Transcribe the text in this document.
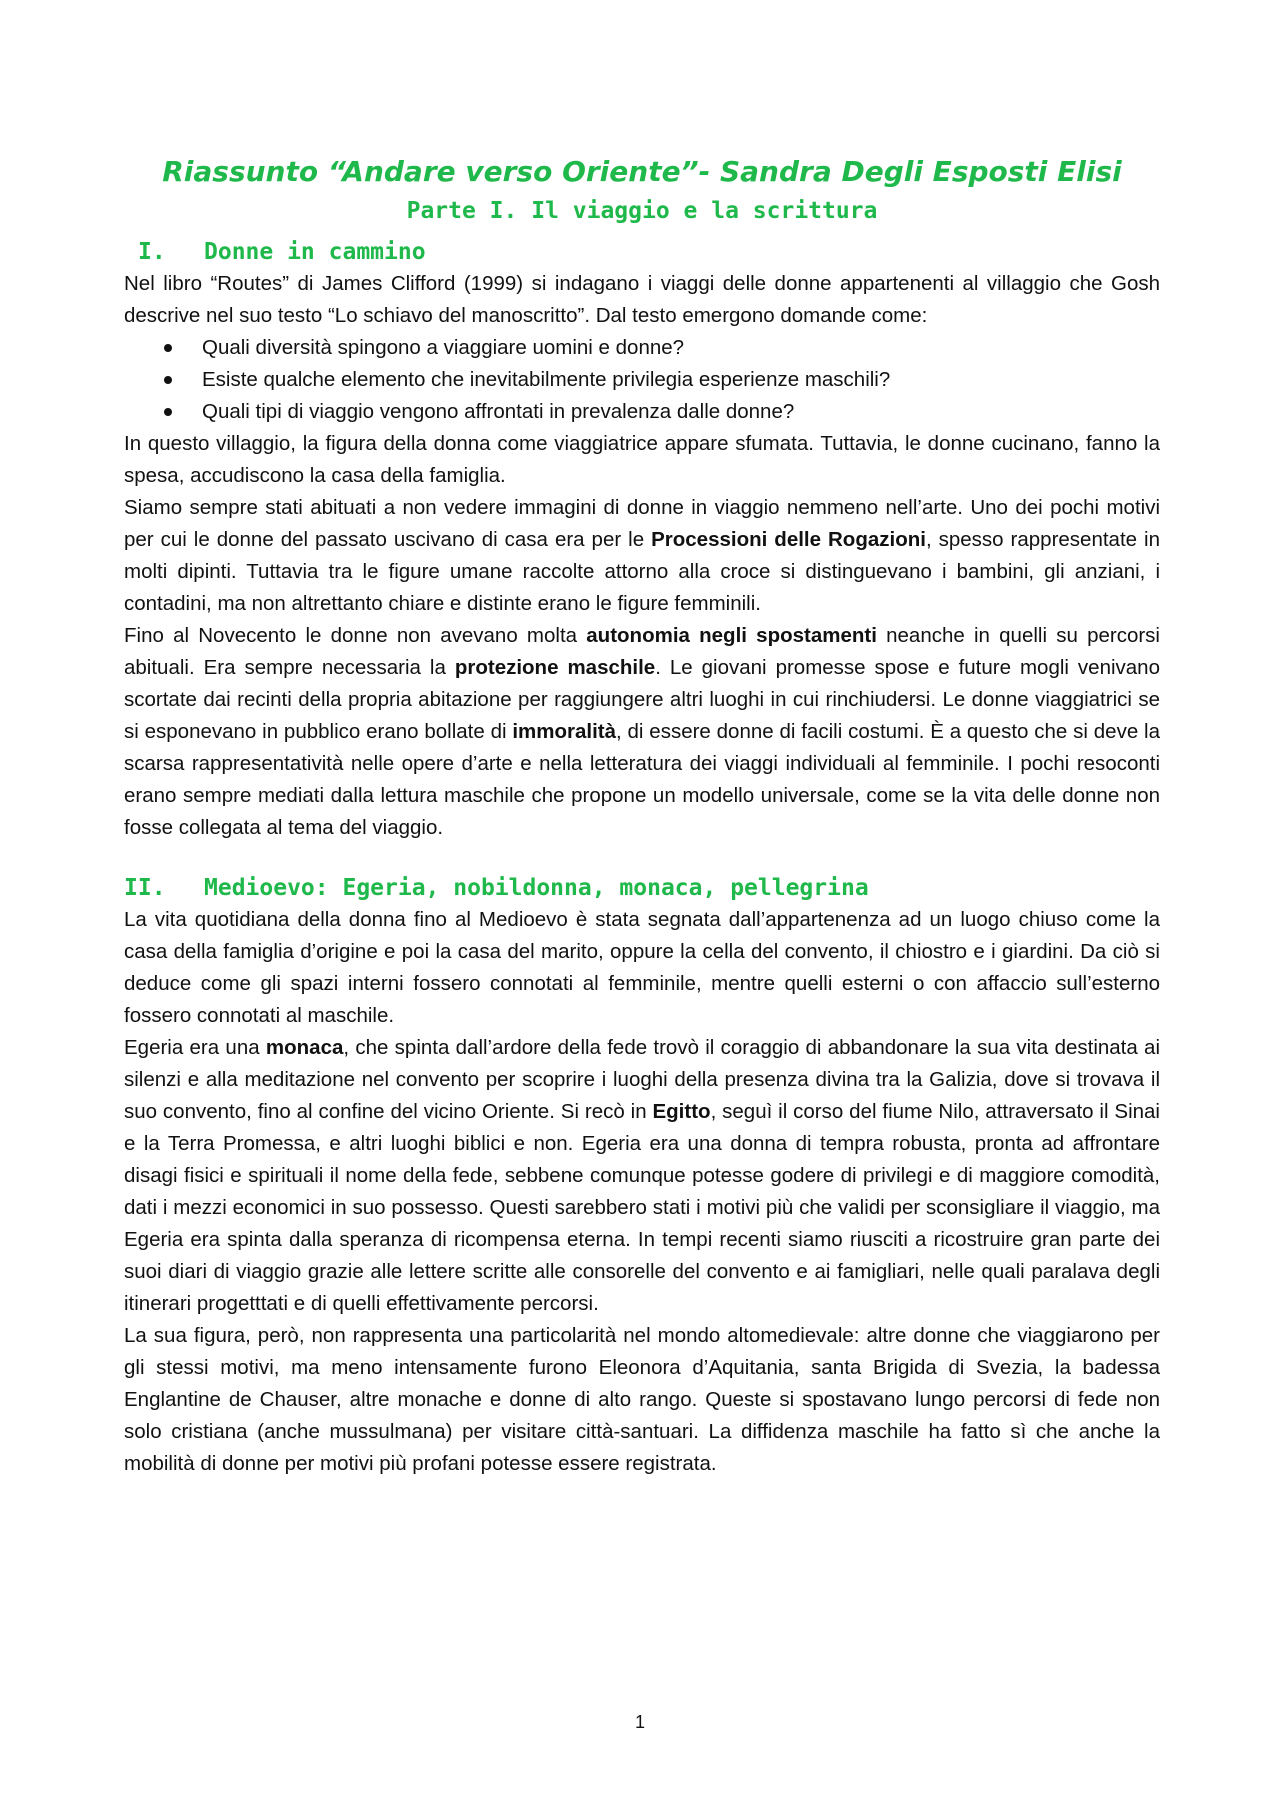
Riassunto “Andare verso Oriente”- Sandra Degli Esposti Elisi
Parte I. Il viaggio e la scrittura
I.	Donne in cammino

Nel libro “Routes” di James Clifford (1999) si indagano i viaggi delle donne appartenenti al villaggio che Gosh descrive nel suo testo “Lo schiavo del manoscritto”. Dal testo emergono domande come:

Quali diversità spingono a viaggiare uomini e donne?
Esiste qualche elemento che inevitabilmente privilegia esperienze maschili?
Quali tipi di viaggio vengono affrontati in prevalenza dalle donne?

In questo villaggio, la figura della donna come viaggiatrice appare sfumata. Tuttavia, le donne cucinano, fanno la spesa, accudiscono la casa della famiglia.

Siamo sempre stati abituati a non vedere immagini di donne in viaggio nemmeno nell’arte. Uno dei pochi motivi per cui le donne del passato uscivano di casa era per le Processioni delle Rogazioni, spesso rappresentate in molti dipinti. Tuttavia tra le figure umane raccolte attorno alla croce si distinguevano i bambini, gli anziani, i contadini, ma non altrettanto chiare e distinte erano le figure femminili.

Fino al Novecento le donne non avevano molta autonomia negli spostamenti neanche in quelli su percorsi abituali. Era sempre necessaria la protezione maschile. Le giovani promesse spose e future mogli venivano scortate dai recinti della propria abitazione per raggiungere altri luoghi in cui rinchiudersi. Le donne viaggiatrici se si esponevano in pubblico erano bollate di immoralità, di essere donne di facili costumi. È a questo che si deve la scarsa rappresentatività nelle opere d’arte e nella letteratura dei viaggi individuali al femminile. I pochi resoconti erano sempre mediati dalla lettura maschile che propone un modello universale, come se la vita delle donne non fosse collegata al tema del viaggio.

II.	Medioevo: Egeria, nobildonna, monaca, pellegrina

La vita quotidiana della donna fino al Medioevo è stata segnata dall’appartenenza ad un luogo chiuso come la casa della famiglia d’origine e poi la casa del marito, oppure la cella del convento, il chiostro e i giardini. Da ciò si deduce come gli spazi interni fossero connotati al femminile, mentre quelli esterni o con affaccio sull’esterno fossero connotati al maschile.

Egeria era una monaca, che spinta dall’ardore della fede trovò il coraggio di abbandonare la sua vita destinata ai silenzi e alla meditazione nel convento per scoprire i luoghi della presenza divina tra la Galizia, dove si trovava il suo convento, fino al confine del vicino Oriente. Si recò in Egitto, seguì il corso del fiume Nilo, attraversato il Sinai e la Terra Promessa, e altri luoghi biblici e non. Egeria era una donna di tempra robusta, pronta ad affrontare disagi fisici e spirituali il nome della fede, sebbene comunque potesse godere di privilegi e di maggiore comodità, dati i mezzi economici in suo possesso. Questi sarebbero stati i motivi più che validi per sconsigliare il viaggio, ma Egeria era spinta dalla speranza di ricompensa eterna. In tempi recenti siamo riusciti a ricostruire gran parte dei suoi diari di viaggio grazie alle lettere scritte alle consorelle del convento e ai famigliari, nelle quali paralava degli itinerari progetttati e di quelli effettivamente percorsi.

La sua figura, però, non rappresenta una particolarità nel mondo altomedievale: altre donne che viaggiarono per gli stessi motivi, ma meno intensamente furono Eleonora d’Aquitania, santa Brigida di Svezia, la badessa Englantine de Chauser, altre monache e donne di alto rango. Queste si spostavano lungo percorsi di fede non solo cristiana (anche mussulmana) per visitare città-santuari. La diffidenza maschile ha fatto sì che anche la mobilità di donne per motivi più profani potesse essere registrata.

1
